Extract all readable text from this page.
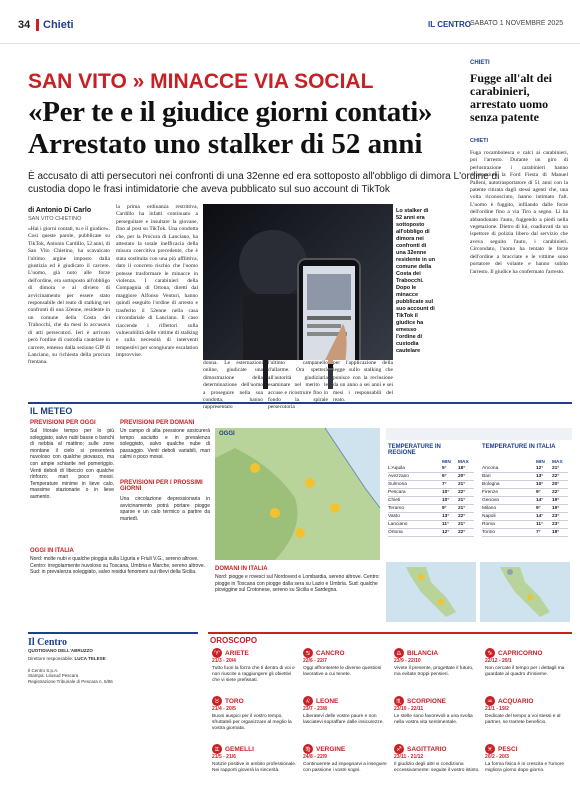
34	Chieti	IL CENTRO SABATO 1 NOVEMBRE 2025
SAN VITO » MINACCE VIA SOCIAL
«Per te e il giudice giorni contati»
Arrestato uno stalker di 52 anni
È accusato di atti persecutori nei confronti di una 32enne ed era sottoposto all'obbligo di dimora L'ordine di custodia dopo le frasi intimidatorie che aveva pubblicato sul suo account di TikTok
di Antonio Di Carlo
SAN VITO CHIETINO
«Hai i giorni contati, tu e il giudice». Così queste parole, pubblicate su TikTok, Antonio Cardillo, 52 anni, di San Vito Chietino, ha scavalcato l'ultimo argine imposto dalla giustizia ed è giudicato il carcere. L'uomo, già noto alle forze dell'ordine, era sottoposto all'obbligo di dimora e al divieto di avvicinamento per essere stato responsabile del reato di stalking nei confronti di una 32enne, residente in un comune della Costa dei Trabocchi, che da mesi lo accusava di atti persecutori. Ieri è arrivato però l'ordine di custodia cautelare in carcere, emesso dalla sezione GIP di Lanciano, su richiesta della procura frentana.
la prima ordinanza restrittiva, Cardillo ha infatti continuato a perseguitare e insultare la giovane, fino al post su TikTok. Una condotta che, per la Procura di Lanciano, ha attestato la totale inefficacia della misura coercitiva precedente, che è stata sostituita con una più afflittiva, dato il concreto rischio che l'uomo potesse trasformare le minacce in violenza. I carabinieri della Compagnia di Ortona, diretti dal maggiore Alfonso Venturi, hanno quindi eseguito l'ordine di arresto e trasferito il 52enne nella casa circondariale di Lanciano. Il caso riaccende i riflettori sulla vulnerabilità delle vittime di stalking e sulla necessità di interventi tempestivi per scongiurare escalation improvvise.
Lo stalker di 52 anni era sottoposto all'obbligo di dimora nei confronti di una 32enne residente in un comune della Costa dei Trabocchi. Dopo le minacce pubblicate sul suo account di TikTok il giudice ha emesso l'ordine di custodia cautelare
CHIETI
Fugge all'alt dei carabinieri, arrestato uomo senza patente
CHIETI
Fuga rocambolesca e calci ai carabinieri, poi l'arresto. Durante un giro di perlustrazione i carabinieri hanno riconosciuto la Ford Fiesta di Manuel Palleni, autotrasportatore di 51 anni con la patente ritirata dagli stessi agenti che, una volta riconosciuto, hanno intimato l'alt. L'uomo è fuggito, infilando dalle forze dell'ordine fino a via Tiro a segno. Lì ha abbandonato l'auto, fuggendo a piedi nella vegetazione. Dietro di lui, coadiuvati da un ispettore di polizia libero dal servizio che aveva seguito l'auto, i carabinieri. Circondato, l'uomo ha tentato le forze dell'ordine a bracciate e le vittime sono portatore del volante e hanno subito l'arresto. Il giudice ha confermato l'arresto.
IL METEO
PREVISIONI PER OGGI
Sul litorale tempo per lo più soleggiato, salvo nubi basse o banchi di nebbia al mattino; sulle zone montane il cielo si presenterà nuvoloso con qualche piovasco, ma con ampie schiarite nel pomeriggio. Venti deboli di libeccio con qualche rinforzo; mari poco mossi. Temperature minime in lieve calo, massime stazionarie o in lieve aumento.
PREVISIONI PER DOMANI
Un campo di alta pressione assicurerà tempo asciutto e in prevalenza soleggiato, salvo qualche nube di passaggio. Venti deboli variabili, mari calmi o poco mossi.
PREVISIONI PER I PROSSIMI GIORNI
Una circolazione depressionaria in avvicinamento potrà portare piogge sparse e un calo termico a partire da martedì.
OGGI
TEMPERATURE IN REGIONE
TEMPERATURE IN ITALIA
MIN	MAX
L'Aquila	5°	18°
Avezzano	6°	20°
Sulmona	7°	21°
Pescara	10°	22°
Chieti	10°	21°
Teramo	9°	21°
Vasto	13°	22°
Lanciano	11°	21°
Ortona	12°	22°
MIN	MAX
Ancona	12°	21°
Bari	13°	22°
Bologna	10°	20°
Firenze	9°	22°
Genova	14°	19°
Milano	9°	19°
Napoli	14°	23°
Roma	11°	23°
Torino	7°	18°
OGGI IN ITALIA
Nord: molte nubi e qualche pioggia sulla Liguria e Friuli V.G., sereno altrove. Centro: irregolarmente nuvoloso su Toscana, Umbria e Marche, sereno altrove. Sud: in prevalenza soleggiato, salvo residui fenomeni sui rilievi della Sicilia.
DOMANI IN ITALIA
Nord: piogge e rovesci sul Nordovest e Lombardia, sereno altrove. Centro: piogge in Toscana con piogge dalla sera su Lazio e Umbria. Sud: qualche pioviggine sul Crotonese, sereno su Sicilia e Sardegna.
Il Centro
QUOTIDIANO DELL'ABRUZZO
Direttore responsabile: LUCA TELESE
Il Centro S.p.A.
Stampa: Litosud Pescara
Registrazione Tribunale di Pescara n. 5/86
OROSCOPO
♈ ARIETE
21/3 - 20/4
Tutto fuori la forza che ti dentro di voi e non riuscite a raggiungere gli obiettivi che vi siete prefissati.
♉ TORO
21/4 - 20/5
Buoni auspici per il vostro tempo, sfruttateli per organizzare al meglio la vostra giornata.
♊ GEMELLI
21/5 - 21/6
Notizie positive in ambito professionale. Nei rapporti gioverà la sincerità.
♋ CANCRO
22/6 - 22/7
Oggi affronterete le diverse questioni lavorative a cui tenete.
♌ LEONE
23/7 - 23/8
Liberatevi delle vostre paure e non lasciatevi sopraffare dalle insicurezze.
♍ VERGINE
24/8 - 22/9
Continuerete ad impegnarvi a inseguire con passione i vostri sogni.
♎ BILANCIA
23/9 - 22/10
Vivete il presente, progettate il futuro, ma evitate troppi pensieri.
♏ SCORPIONE
23/10 - 22/11
Le stelle sono favorevoli a una svolta nella vostra vita sentimentale.
♐ SAGITTARIO
23/11 - 21/12
Il giudizio degli altri vi condiziona eccessivamente: seguite il vostro istinto.
♑ CAPRICORNO
22/12 - 20/1
Non cercate il tempo per i dettagli ma guardate al quadro d'insieme.
♒ ACQUARIO
21/1 - 19/2
Dedicate del tempo a voi stessi e al partner, ne trarrete beneficio.
♓ PESCI
20/2 - 20/3
La forma fisica è in crescita e l'umore migliora giorno dopo giorno.
donna. Le esternazioni online, giudicate una dimostrazione della determinazione dell'uomo a proseguire nella sua condotta, hanno rappresentato
l'ultimo campanello d'allarme. Ora spetterà all'autorità giudiziaria esaminare nel merito le accuse e ricostruire fino in fondo la spirale persecutoria
per l'applicazione della legge sullo stalking che punisce con la reclusione da un anno a sei anni e sei mesi i responsabili del reato.
